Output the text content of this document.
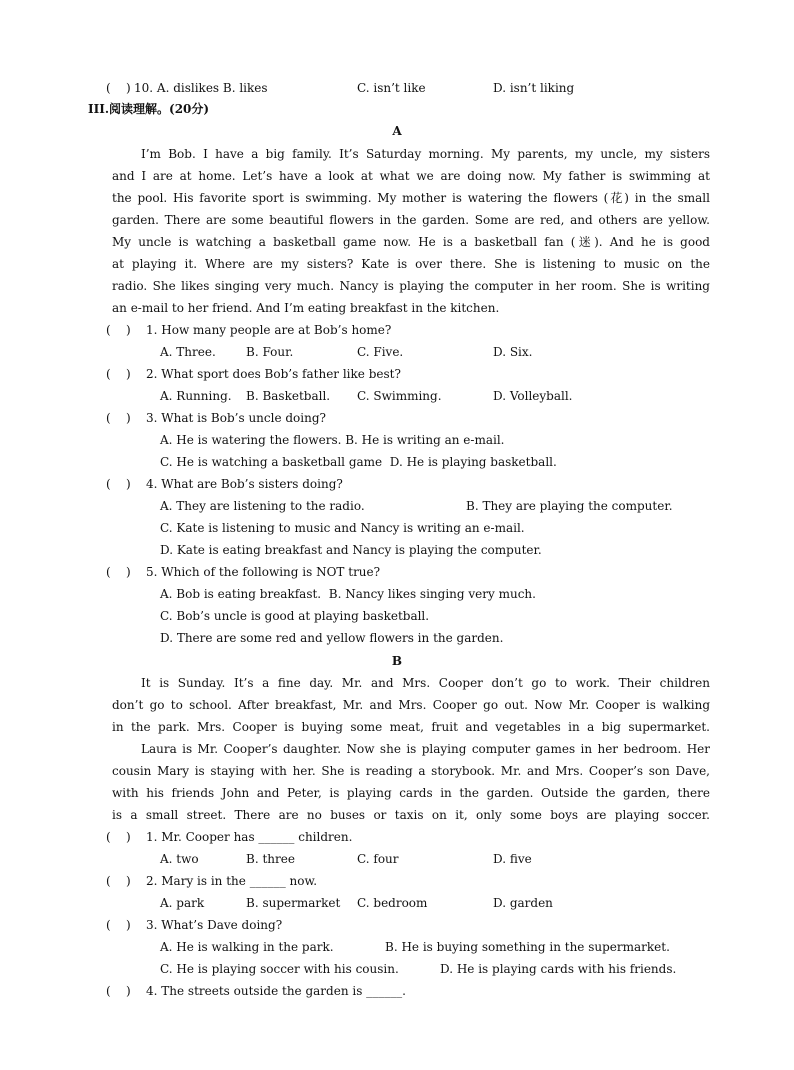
(    ) 10. A. dislikes B. likes	C. isn’t like	D. isn’t liking
III.阅读理解。(20分)
A
I’m Bob. I have a big family. It’s Saturday morning. My parents, my uncle, my sisters
and I are at home. Let’s have a look at what we are doing now. My father is swimming at
the pool. His favorite sport is swimming. My mother is watering the flowers (花) in the small
garden. There are some beautiful flowers in the garden. Some are red, and others are yellow.
My uncle is watching a basketball game now. He is a basketball fan (迷). And he is good
at playing it. Where are my sisters? Kate is over there. She is listening to music on the
radio. She likes singing very much. Nancy is playing the computer in her room. She is writing
an e-mail to her friend. And I’m eating breakfast in the kitchen.
(    ) 1. How many people are at Bob’s home?
A. Three.	B. Four.	C. Five.	D. Six.
(    ) 2. What sport does Bob’s father like best?
A. Running. B. Basketball. C. Swimming.	D. Volleyball.
(    ) 3. What is Bob’s uncle doing?
A. He is watering the flowers. B. He is writing an e-mail.
C. He is watching a basketball game  D. He is playing basketball.
(    ) 4. What are Bob’s sisters doing?
A. They are listening to the radio.	B. They are playing the computer.
C. Kate is listening to music and Nancy is writing an e-mail.
D. Kate is eating breakfast and Nancy is playing the computer.
(    ) 5. Which of the following is NOT true?
A. Bob is eating breakfast.  B. Nancy likes singing very much.
C. Bob’s uncle is good at playing basketball.
D. There are some red and yellow flowers in the garden.
B
It is Sunday. It’s a fine day. Mr. and Mrs. Cooper don’t go to work. Their children
don’t go to school. After breakfast, Mr. and Mrs. Cooper go out. Now Mr. Cooper is walking
in the park. Mrs. Cooper is buying some meat, fruit and vegetables in a big supermarket.
Laura is Mr. Cooper’s daughter. Now she is playing computer games in her bedroom. Her
cousin Mary is staying with her. She is reading a storybook. Mr. and Mrs. Cooper’s son Dave,
with his friends John and Peter, is playing cards in the garden. Outside the garden, there
is a small street. There are no buses or taxis on it, only some boys are playing soccer.
(    ) 1. Mr. Cooper has ______ children.
A. two	B. three	C. four	D. five
(    ) 2. Mary is in the ______ now.
A. park	B. supermarket C. bedroom	D. garden
(    ) 3. What’s Dave doing?
A. He is walking in the park.	B. He is buying something in the supermarket.
C. He is playing soccer with his cousin.	D. He is playing cards with his friends.
(    ) 4. The streets outside the garden is ______.
